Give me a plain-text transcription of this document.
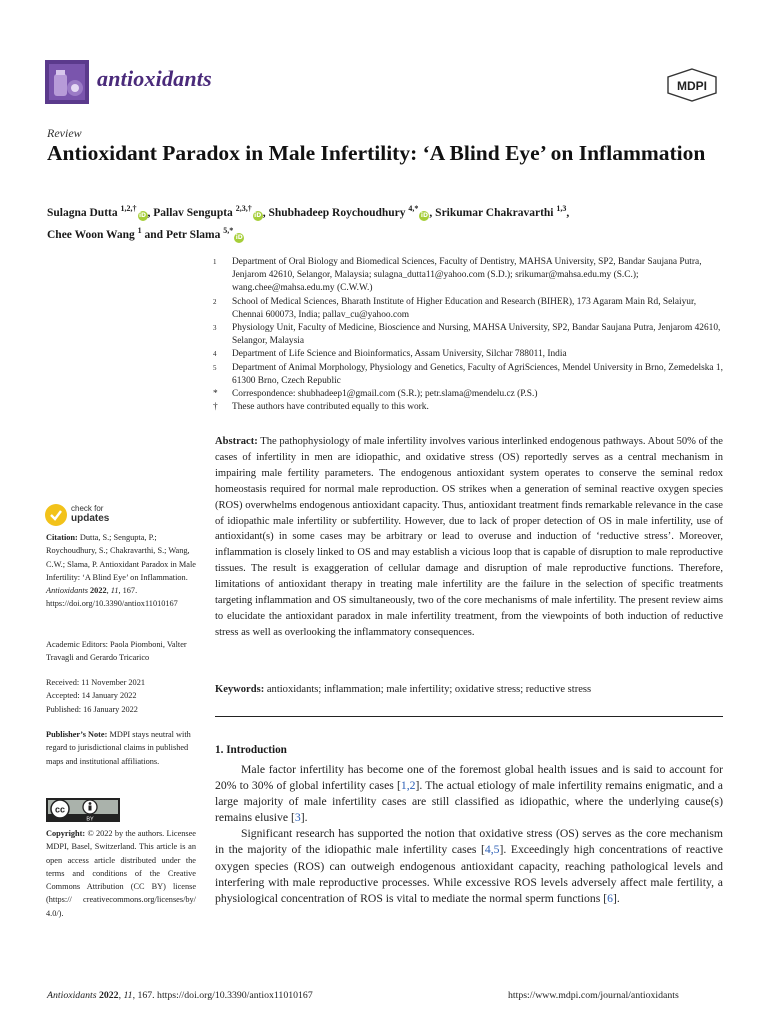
antioxidants	MDPI
Review
Antioxidant Paradox in Male Infertility: ‘A Blind Eye’ on Inflammation
Sulagna Dutta $^{1,2,\dagger}$iD, Pallav Sengupta $^{2,3,\dagger}$iD, Shubhadeep Roychoudhury $^{4,*}$iD, Srikumar Chakravarthi $^{1,3}$,
Chee Woon Wang $^1$ and Petr Slama $^{5,*}$iD
1	Department of Oral Biology and Biomedical Sciences, Faculty of Dentistry, MAHSA University, SP2, Bandar Saujana Putra, Jenjarom 42610, Selangor, Malaysia; sulagna_dutta11@yahoo.com (S.D.); srikumar@mahsa.edu.my (S.C.); wang.chee@mahsa.edu.my (C.W.W.)
2	School of Medical Sciences, Bharath Institute of Higher Education and Research (BIHER), 173 Agaram Main Rd, Selaiyur, Chennai 600073, India; pallav_cu@yahoo.com
3	Physiology Unit, Faculty of Medicine, Bioscience and Nursing, MAHSA University, SP2, Bandar Saujana Putra, Jenjarom 42610, Selangor, Malaysia
4	Department of Life Science and Bioinformatics, Assam University, Silchar 788011, India
5	Department of Animal Morphology, Physiology and Genetics, Faculty of AgriSciences, Mendel University in Brno, Zemedelska 1, 61300 Brno, Czech Republic
*	Correspondence: shubhadeep1@gmail.com (S.R.); petr.slama@mendelu.cz (P.S.)
†	These authors have contributed equally to this work.
Abstract: The pathophysiology of male infertility involves various interlinked endogenous pathways. About 50% of the cases of infertility in men are idiopathic, and oxidative stress (OS) reportedly serves as a central mechanism in impairing male fertility parameters. The endogenous antioxidant system operates to conserve the seminal redox homeostasis required for normal male reproduction. OS strikes when a generation of seminal reactive oxygen species (ROS) overwhelms endogenous antioxidant capacity. Thus, antioxidant treatment finds remarkable relevance in the case of idiopathic male infertility or subfertility. However, due to lack of proper detection of OS in male infertility, use of antioxidant(s) in some cases may be arbitrary or lead to overuse and induction of ‘reductive stress’. Moreover, inflammation is closely linked to OS and may establish a vicious loop that is capable of disruption to male reproductive tissues. The result is exaggeration of cellular damage and disruption of male reproductive functions. Therefore, limitations of antioxidant therapy in treating male infertility are the failure in the selection of specific treatments targeting inflammation and OS simultaneously, two of the core mechanisms of male infertility. The present review aims to elucidate the antioxidant paradox in male infertility treatment, from the viewpoints of both induction of reductive stress as well as overlooking the inflammatory consequences.
Keywords: antioxidants; inflammation; male infertility; oxidative stress; reductive stress
1. Introduction

Male factor infertility has become one of the foremost global health issues and is said to account for 20% to 30% of global infertility cases [1,2]. The actual etiology of male infertility remains enigmatic, and a large majority of male infertility cases are still classified as idiopathic, where the underlying cause(s) remains elusive [3].

Significant research has supported the notion that oxidative stress (OS) serves as the core mechanism in the majority of the idiopathic male infertility cases [4,5]. Exceedingly high concentrations of reactive oxygen species (ROS) can outweigh endogenous antioxidant capacity, reaching pathological levels and interfering with male reproductive processes. While excessive ROS levels adversely affect male fertility, a physiological concentration of ROS is vital to mediate the normal sperm functions [6].

check for
updates
Citation: Dutta, S.; Sengupta, P.; Roychoudhury, S.; Chakravarthi, S.; Wang, C.W.; Slama, P. Antioxidant Paradox in Male Infertility: ‘A Blind Eye’ on Inflammation. Antioxidants 2022, 11, 167. https://doi.org/10.3390/antiox11010167
Academic Editors: Paola Piomboni, Valter Travagli and Gerardo Tricarico
Received: 11 November 2021
Accepted: 14 January 2022
Published: 16 January 2022
Publisher’s Note: MDPI stays neutral with regard to jurisdictional claims in published maps and institutional affiliations.
cc
BY
Copyright: © 2022 by the authors. Licensee MDPI, Basel, Switzerland. This article is an open access article distributed under the terms and conditions of the Creative Commons Attribution (CC BY) license (https:// creativecommons.org/licenses/by/ 4.0/).
Antioxidants 2022, 11, 167. https://doi.org/10.3390/antiox11010167	https://www.mdpi.com/journal/antioxidants
